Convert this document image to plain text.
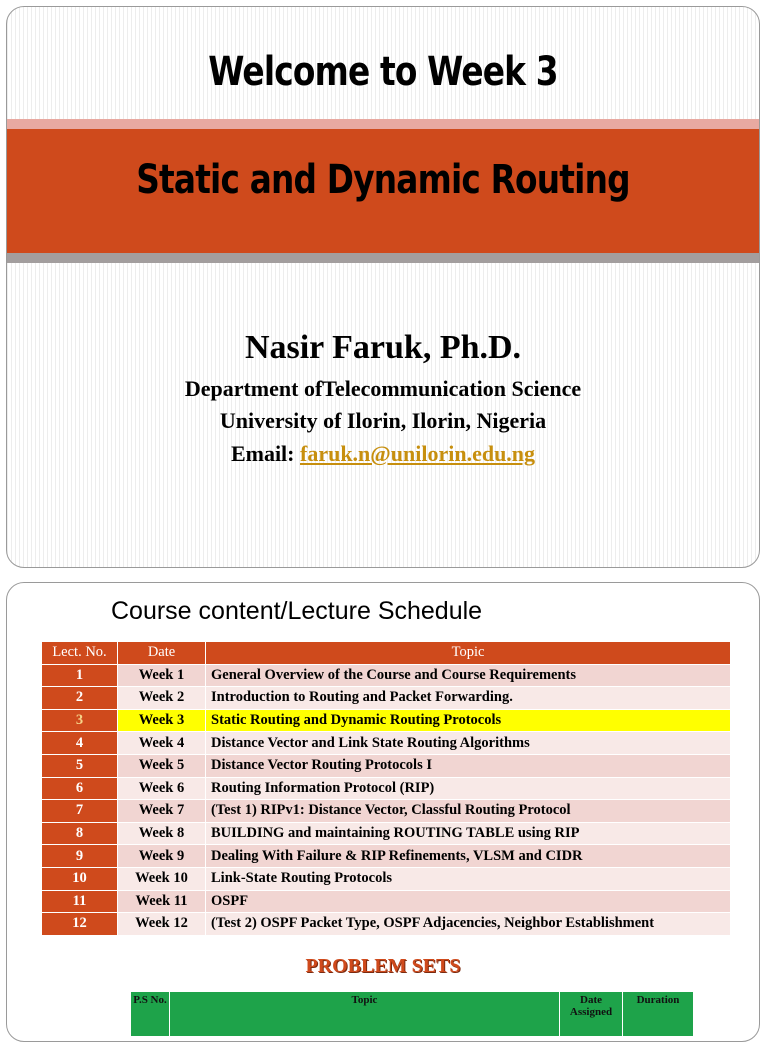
Welcome to Week 3
Static and Dynamic Routing
Nasir Faruk, Ph.D.
Department ofTelecommunication Science
University of Ilorin, Ilorin, Nigeria
Email: faruk.n@unilorin.edu.ng
Course content/Lecture Schedule
Lect. No.	Date	Topic
1	Week 1	General Overview of the Course and Course Requirements
2	Week 2	Introduction to Routing and Packet Forwarding.
3	Week 3	Static Routing and Dynamic Routing Protocols
4	Week 4	Distance Vector and Link State Routing Algorithms
5	Week 5	Distance Vector Routing Protocols I
6	Week 6	Routing Information Protocol (RIP)
7	Week 7	(Test 1) RIPv1: Distance Vector, Classful Routing Protocol
8	Week 8	BUILDING and maintaining ROUTING TABLE using RIP
9	Week 9	Dealing With Failure & RIP Refinements, VLSM and CIDR
10	Week 10	Link-State Routing Protocols
11	Week 11	OSPF
12	Week 12	(Test 2) OSPF Packet Type, OSPF Adjacencies, Neighbor Establishment
PROBLEM SETS
P.S No.	Topic	Date Assigned	Duration
